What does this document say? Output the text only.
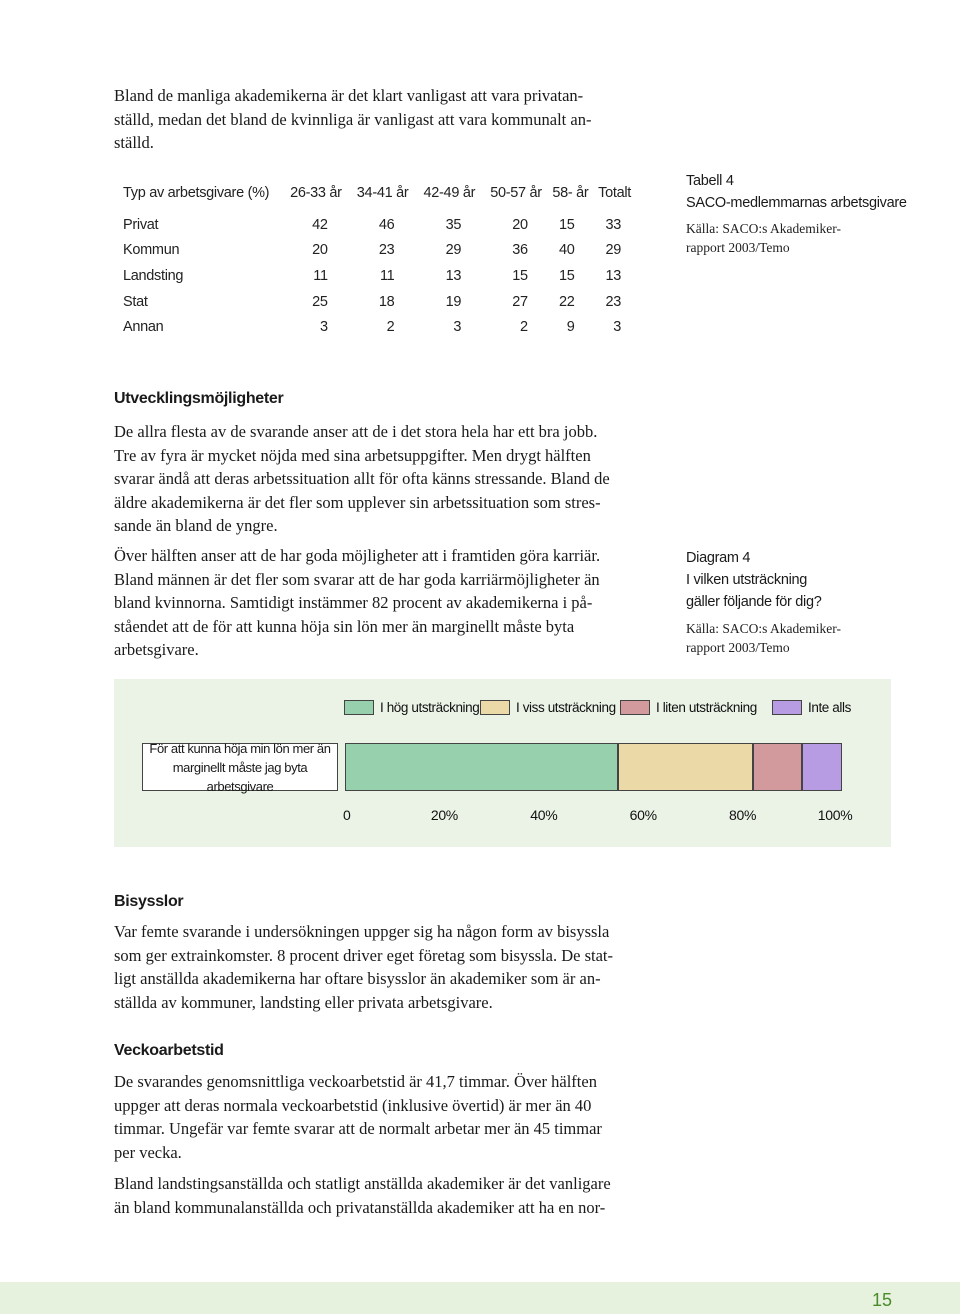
Bland de manliga akademikerna är det klart vanligast att vara privatan-
ställd, medan det bland de kvinnliga är vanligast att vara kommunalt an-
ställd.
Typ av arbetsgivare (%)	26-33 år	34-41 år	42-49 år	50-57 år	58- år	Totalt

Privat	42	46	35	20	15	33
Kommun	20	23	29	36	40	29
Landsting	11	11	13	15	15	13
Stat	25	18	19	27	22	23
Annan	3	2	3	2	9	3
Tabell 4
SACO-medlemmarnas arbetsgivare
Källa: SACO:s Akademiker-
rapport 2003/Temo
Utvecklingsmöjligheter
De allra flesta av de svarande anser att de i det stora hela har ett bra jobb.
Tre av fyra är mycket nöjda med sina arbetsuppgifter. Men drygt hälften
svarar ändå att deras arbetssituation allt för ofta känns stressande. Bland de
äldre akademikerna är det fler som upplever sin arbetssituation som stres-
sande än bland de yngre.
Över hälften anser att de har goda möjligheter att i framtiden göra karriär.
Bland männen är det fler som svarar att de har goda karriärmöjligheter än
bland kvinnorna. Samtidigt instämmer 82 procent av akademikerna i på-
ståendet att de för att kunna höja sin lön mer än marginellt måste byta
arbetsgivare.
Diagram 4
I vilken utsträckning
gäller följande för dig?
Källa: SACO:s Akademiker-
rapport 2003/Temo
I hög utsträckning	I viss utsträckning	I liten utsträckning	Inte alls
För att kunna höja min lön mer än
marginellt måste jag byta arbetsgivare
0	20%	40%	60%	80%	100%
Bisysslor
Var femte svarande i undersökningen uppger sig ha någon form av bisyssla
som ger extrainkomster. 8 procent driver eget företag som bisyssla. De stat-
ligt anställda akademikerna har oftare bisysslor än akademiker som är an-
ställda av kommuner, landsting eller privata arbetsgivare.
Veckoarbetstid
De svarandes genomsnittliga veckoarbetstid är 41,7 timmar. Över hälften
uppger att deras normala veckoarbetstid (inklusive övertid) är mer än 40
timmar. Ungefär var femte svarar att de normalt arbetar mer än 45 timmar
per vecka.
Bland landstingsanställda och statligt anställda akademiker är det vanligare
än bland kommunalanställda och privatanställda akademiker att ha en nor-
15
